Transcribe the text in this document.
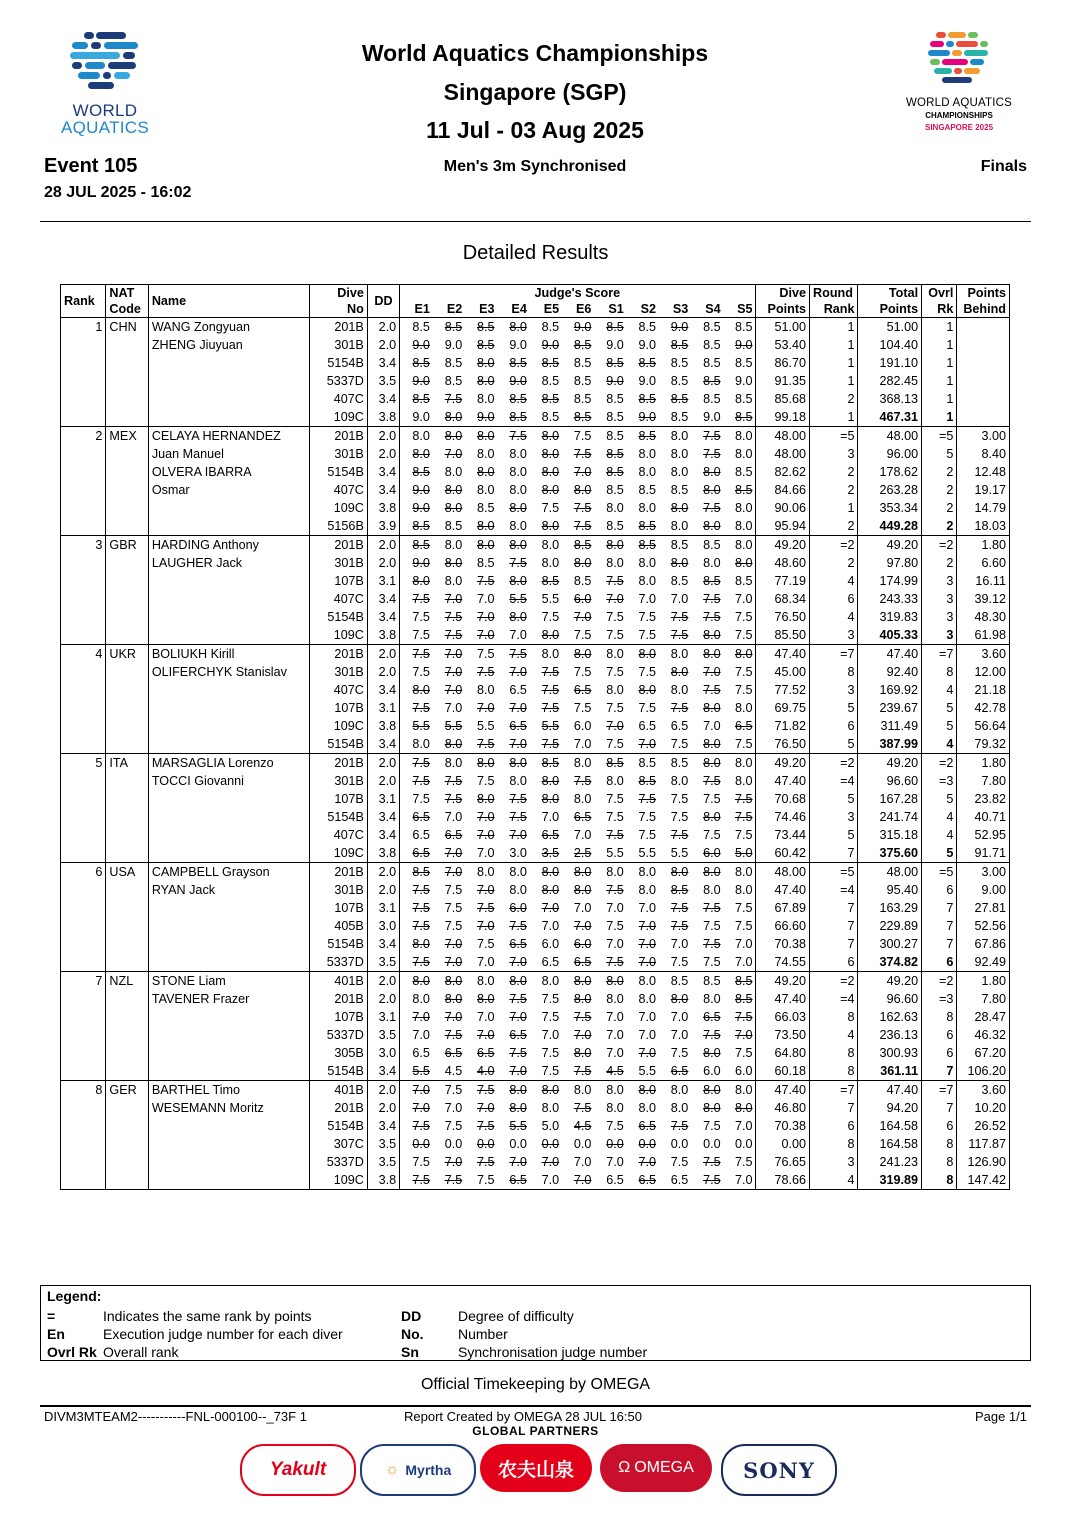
WORLD
AQUATICS
World Aquatics Championships
Singapore (SGP)
11 Jul - 03 Aug 2025
WORLD AQUATICS
CHAMPIONSHIPS
SINGAPORE 2025
Event 105
28 JUL 2025 - 16:02
Men's 3m Synchronised	Finals
Detailed Results
Rank	NAT	Name	Dive	DD	Judge's Score											Dive	Round	Total	Ovrl	Points
	Code		No		E1	E2	E3	E4	E5	E6	S1	S2	S3	S4	S5	Points	Rank	Points	Rk	Behind
1	CHN	WANG Zongyuan	201B	2.0	8.5	8.5	8.5	8.0	8.5	9.0	8.5	8.5	9.0	8.5	8.5	51.00	1	51.00	1	
		ZHENG Jiuyuan	301B	2.0	9.0	9.0	8.5	9.0	9.0	8.5	9.0	9.0	8.5	8.5	9.0	53.40	1	104.40	1	
			5154B	3.4	8.5	8.5	8.0	8.5	8.5	8.5	8.5	8.5	8.5	8.5	8.5	86.70	1	191.10	1	
			5337D	3.5	9.0	8.5	8.0	9.0	8.5	8.5	9.0	9.0	8.5	8.5	9.0	91.35	1	282.45	1	
			407C	3.4	8.5	7.5	8.0	8.5	8.5	8.5	8.5	8.5	8.5	8.5	8.5	85.68	2	368.13	1	
			109C	3.8	9.0	8.0	9.0	8.5	8.5	8.5	8.5	9.0	8.5	9.0	8.5	99.18	1	467.31	1	
2	MEX	CELAYA HERNANDEZ	201B	2.0	8.0	8.0	8.0	7.5	8.0	7.5	8.5	8.5	8.0	7.5	8.0	48.00	=5	48.00	=5	3.00
		Juan Manuel	301B	2.0	8.0	7.0	8.0	8.0	8.0	7.5	8.5	8.0	8.0	7.5	8.0	48.00	3	96.00	5	8.40
		OLVERA IBARRA	5154B	3.4	8.5	8.0	8.0	8.0	8.0	7.0	8.5	8.0	8.0	8.0	8.5	82.62	2	178.62	2	12.48
		Osmar	407C	3.4	9.0	8.0	8.0	8.0	8.0	8.0	8.5	8.5	8.5	8.0	8.5	84.66	2	263.28	2	19.17
			109C	3.8	9.0	8.0	8.5	8.0	7.5	7.5	8.0	8.0	8.0	7.5	8.0	90.06	1	353.34	2	14.79
			5156B	3.9	8.5	8.5	8.0	8.0	8.0	7.5	8.5	8.5	8.0	8.0	8.0	95.94	2	449.28	2	18.03
3	GBR	HARDING Anthony	201B	2.0	8.5	8.0	8.0	8.0	8.0	8.5	8.0	8.5	8.5	8.5	8.0	49.20	=2	49.20	=2	1.80
		LAUGHER Jack	301B	2.0	9.0	8.0	8.5	7.5	8.0	8.0	8.0	8.0	8.0	8.0	8.0	48.60	2	97.80	2	6.60
			107B	3.1	8.0	8.0	7.5	8.0	8.5	8.5	7.5	8.0	8.5	8.5	8.5	77.19	4	174.99	3	16.11
			407C	3.4	7.5	7.0	7.0	5.5	5.5	6.0	7.0	7.0	7.0	7.5	7.0	68.34	6	243.33	3	39.12
			5154B	3.4	7.5	7.5	7.0	8.0	7.5	7.0	7.5	7.5	7.5	7.5	7.5	76.50	4	319.83	3	48.30
			109C	3.8	7.5	7.5	7.0	7.0	8.0	7.5	7.5	7.5	7.5	8.0	7.5	85.50	3	405.33	3	61.98
4	UKR	BOLIUKH Kirill	201B	2.0	7.5	7.0	7.5	7.5	8.0	8.0	8.0	8.0	8.0	8.0	8.0	47.40	=7	47.40	=7	3.60
		OLIFERCHYK Stanislav	301B	2.0	7.5	7.0	7.5	7.0	7.5	7.5	7.5	7.5	8.0	7.0	7.5	45.00	8	92.40	8	12.00
			407C	3.4	8.0	7.0	8.0	6.5	7.5	6.5	8.0	8.0	8.0	7.5	7.5	77.52	3	169.92	4	21.18
			107B	3.1	7.5	7.0	7.0	7.0	7.5	7.5	7.5	7.5	7.5	8.0	8.0	69.75	5	239.67	5	42.78
			109C	3.8	5.5	5.5	5.5	6.5	5.5	6.0	7.0	6.5	6.5	7.0	6.5	71.82	6	311.49	5	56.64
			5154B	3.4	8.0	8.0	7.5	7.0	7.5	7.0	7.5	7.0	7.5	8.0	7.5	76.50	5	387.99	4	79.32
5	ITA	MARSAGLIA Lorenzo	201B	2.0	7.5	8.0	8.0	8.0	8.5	8.0	8.5	8.5	8.5	8.0	8.0	49.20	=2	49.20	=2	1.80
		TOCCI Giovanni	301B	2.0	7.5	7.5	7.5	8.0	8.0	7.5	8.0	8.5	8.0	7.5	8.0	47.40	=4	96.60	=3	7.80
			107B	3.1	7.5	7.5	8.0	7.5	8.0	8.0	7.5	7.5	7.5	7.5	7.5	70.68	5	167.28	5	23.82
			5154B	3.4	6.5	7.0	7.0	7.5	7.0	6.5	7.5	7.5	7.5	8.0	7.5	74.46	3	241.74	4	40.71
			407C	3.4	6.5	6.5	7.0	7.0	6.5	7.0	7.5	7.5	7.5	7.5	7.5	73.44	5	315.18	4	52.95
			109C	3.8	6.5	7.0	7.0	3.0	3.5	2.5	5.5	5.5	5.5	6.0	5.0	60.42	7	375.60	5	91.71
6	USA	CAMPBELL Grayson	201B	2.0	8.5	7.0	8.0	8.0	8.0	8.0	8.0	8.0	8.0	8.0	8.0	48.00	=5	48.00	=5	3.00
		RYAN Jack	301B	2.0	7.5	7.5	7.0	8.0	8.0	8.0	7.5	8.0	8.5	8.0	8.0	47.40	=4	95.40	6	9.00
			107B	3.1	7.5	7.5	7.5	6.0	7.0	7.0	7.0	7.0	7.5	7.5	7.5	67.89	7	163.29	7	27.81
			405B	3.0	7.5	7.5	7.0	7.5	7.0	7.0	7.5	7.0	7.5	7.5	7.5	66.60	7	229.89	7	52.56
			5154B	3.4	8.0	7.0	7.5	6.5	6.0	6.0	7.0	7.0	7.0	7.5	7.0	70.38	7	300.27	7	67.86
			5337D	3.5	7.5	7.0	7.0	7.0	6.5	6.5	7.5	7.0	7.5	7.5	7.0	74.55	6	374.82	6	92.49
7	NZL	STONE Liam	401B	2.0	8.0	8.0	8.0	8.0	8.0	8.0	8.0	8.0	8.5	8.5	8.5	49.20	=2	49.20	=2	1.80
		TAVENER Frazer	201B	2.0	8.0	8.0	8.0	7.5	7.5	8.0	8.0	8.0	8.0	8.0	8.5	47.40	=4	96.60	=3	7.80
			107B	3.1	7.0	7.0	7.0	7.0	7.5	7.5	7.0	7.0	7.0	6.5	7.5	66.03	8	162.63	8	28.47
			5337D	3.5	7.0	7.5	7.0	6.5	7.0	7.0	7.0	7.0	7.0	7.5	7.0	73.50	4	236.13	6	46.32
			305B	3.0	6.5	6.5	6.5	7.5	7.5	8.0	7.0	7.0	7.5	8.0	7.5	64.80	8	300.93	6	67.20
			5154B	3.4	5.5	4.5	4.0	7.0	7.5	7.5	4.5	5.5	6.5	6.0	6.0	60.18	8	361.11	7	106.20
8	GER	BARTHEL Timo	401B	2.0	7.0	7.5	7.5	8.0	8.0	8.0	8.0	8.0	8.0	8.0	8.0	47.40	=7	47.40	=7	3.60
		WESEMANN Moritz	201B	2.0	7.0	7.0	7.0	8.0	8.0	7.5	8.0	8.0	8.0	8.0	8.0	46.80	7	94.20	7	10.20
			5154B	3.4	7.5	7.5	7.5	5.5	5.0	4.5	7.5	6.5	7.5	7.5	7.0	70.38	6	164.58	6	26.52
			307C	3.5	0.0	0.0	0.0	0.0	0.0	0.0	0.0	0.0	0.0	0.0	0.0	0.00	8	164.58	8	117.87
			5337D	3.5	7.5	7.0	7.5	7.0	7.0	7.0	7.0	7.0	7.5	7.5	7.5	76.65	3	241.23	8	126.90
			109C	3.8	7.5	7.5	7.5	6.5	7.0	7.0	6.5	6.5	6.5	7.5	7.0	78.66	4	319.89	8	147.42
Legend:
=	Indicates the same rank by points
En	Execution judge number for each diver
Ovrl Rk Overall rank
DD	Degree of difficulty
No. Number
Sn	Synchronisation judge number
Official Timekeeping by OMEGA
DIVM3MTEAM2-----------FNL-000100--_73F 1	Report Created by OMEGA 28 JUL 16:50	Page 1/1
GLOBAL PARTNERS
Yakult	☼ Myrtha 农夫山泉	Ω OMEGA SONY
